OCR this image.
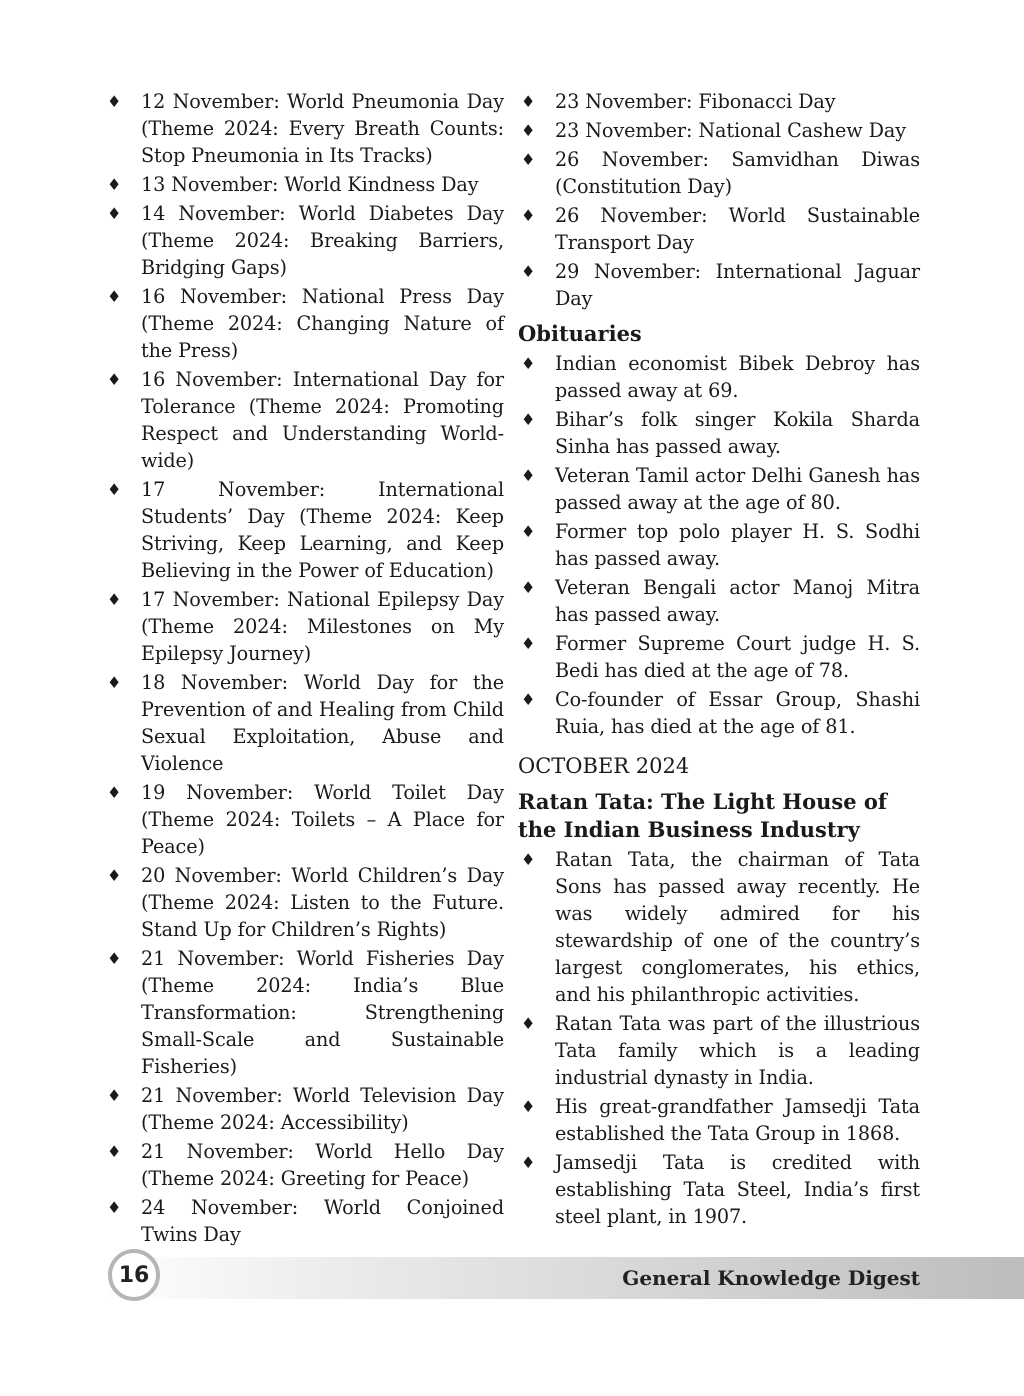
♦ 12 November: World Pneumonia Day (Theme 2024: Every Breath Counts: Stop Pneumonia in Its Tracks)
♦ 13 November: World Kindness Day
♦ 14 November: World Diabetes Day (Theme 2024: Breaking Barriers, Bridging Gaps)
♦ 16 November: National Press Day (Theme 2024: Changing Nature of the Press)
♦ 16 November: International Day for Tolerance (Theme 2024: Promoting Respect and Understanding World-wide)
♦ 17 November: International Students’ Day (Theme 2024: Keep Striving, Keep Learning, and Keep Believing in the Power of Education)
♦ 17 November: National Epilepsy Day (Theme 2024: Milestones on My Epilepsy Journey)
♦ 18 November: World Day for the Prevention of and Healing from Child Sexual Exploitation, Abuse and Violence
♦ 19 November: World Toilet Day (Theme 2024: Toilets – A Place for Peace)
♦ 20 November: World Children’s Day (Theme 2024: Listen to the Future. Stand Up for Children’s Rights)
♦ 21 November: World Fisheries Day (Theme 2024: India’s Blue Transformation: Strengthening Small-Scale and Sustainable Fisheries)
♦ 21 November: World Television Day (Theme 2024: Accessibility)
♦ 21 November: World Hello Day (Theme 2024: Greeting for Peace)
♦ 24 November: World Conjoined Twins Day
♦ 23 November: Fibonacci Day
♦ 23 November: National Cashew Day
♦ 26 November: Samvidhan Diwas (Constitution Day)
♦ 26 November: World Sustainable Transport Day
♦ 29 November: International Jaguar Day
Obituaries
♦ Indian economist Bibek Debroy has passed away at 69.
♦ Bihar’s folk singer Kokila Sharda Sinha has passed away.
♦ Veteran Tamil actor Delhi Ganesh has passed away at the age of 80.
♦ Former top polo player H. S. Sodhi has passed away.
♦ Veteran Bengali actor Manoj Mitra has passed away.
♦ Former Supreme Court judge H. S. Bedi has died at the age of 78.
♦ Co-founder of Essar Group, Shashi Ruia, has died at the age of 81.
OCTOBER 2024
Ratan Tata: The Light House of the Indian Business Industry
♦ Ratan Tata, the chairman of Tata Sons has passed away recently. He was widely admired for his stewardship of one of the country’s largest conglomerates, his ethics, and his philanthropic activities.
♦ Ratan Tata was part of the illustrious Tata family which is a leading industrial dynasty in India.
♦ His great-grandfather Jamsedji Tata established the Tata Group in 1868.
♦ Jamsedji Tata is credited with establishing Tata Steel, India’s first steel plant, in 1907.
16	General Knowledge Digest
